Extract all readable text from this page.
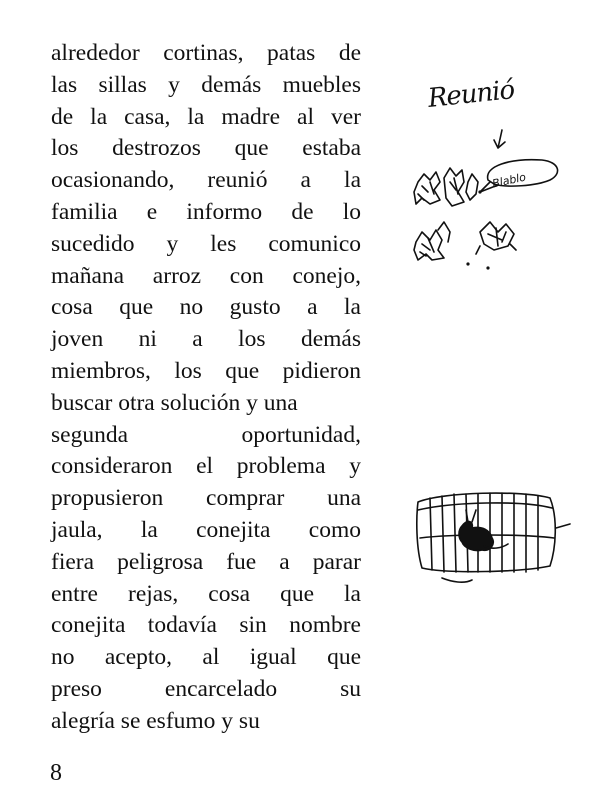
alrededor cortinas, patas de
las sillas y demás muebles
de la casa, la madre al ver
los destrozos que estaba
ocasionando, reunió a la
familia e informo de lo
sucedido y les comunico
mañana arroz con conejo,
cosa que no gusto a la
joven ni a los demás
miembros, los que pidieron
buscar otra solución y una
segunda oportunidad,
consideraron el problema y
propusieron comprar una
jaula, la conejita como
fiera peligrosa fue a parar
entre rejas, cosa que la
conejita todavía sin nombre
no acepto, al igual que
preso encarcelado su
alegría se esfumo y su
Reunió
Blablo
8
